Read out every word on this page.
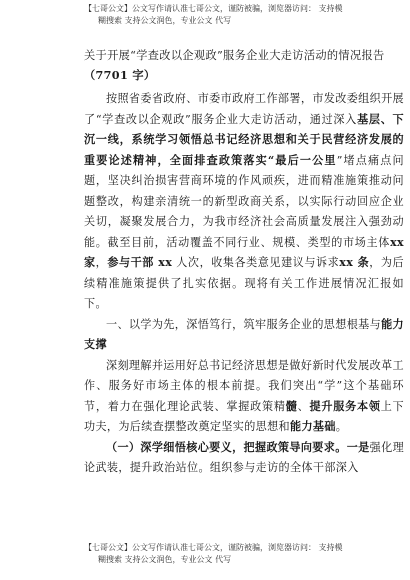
【七哥公文】公文写作请认准七哥公文，谨防被骗，浏览器访问： 支持模
糊搜索 支持公文润色，专业公文 代写
关于开展“学查改以企观政”服务企业大走访活动的情况报告（7701 字）

按照省委省政府、市委市政府工作部署，市发改委组织开展了“学查改以企观政”服务企业大走访活动，通过深入基层、下沉一线，系统学习领悟总书记经济思想和关于民营经济发展的重要论述精神，全面排查政策落实“最后一公里”堵点痛点问题，坚决纠治损害营商环境的作风顽疾，进而精准施策推动问题整改，构建亲清统一的新型政商关系，以实际行动回应企业关切，凝聚发展合力，为我市经济社会高质量发展注入强劲动能。截至目前，活动覆盖不同行业、规模、类型的市场主体xx 家，参与干部 xx 人次，收集各类意见建议与诉求xx 条，为后续精准施策提供了扎实依据。现将有关工作进展情况汇报如下。

一、以学为先，深悟笃行，筑牢服务企业的思想根基与能力支撑

深刻理解并运用好总书记经济思想是做好新时代发展改革工作、服务好市场主体的根本前提。我们突出“学”这个基础环节，着力在强化理论武装、掌握政策精髓、提升服务本领上下功夫，为后续查摆整改奠定坚实的思想和能力基础。

（一）深学细悟核心要义，把握政策导向要求。一是强化理论武装，提升政治站位。组织参与走访的全体干部深入

【七哥公文】公文写作请认准七哥公文，谨防被骗，浏览器访问： 支持模
糊搜索 支持公文润色，专业公文 代写
